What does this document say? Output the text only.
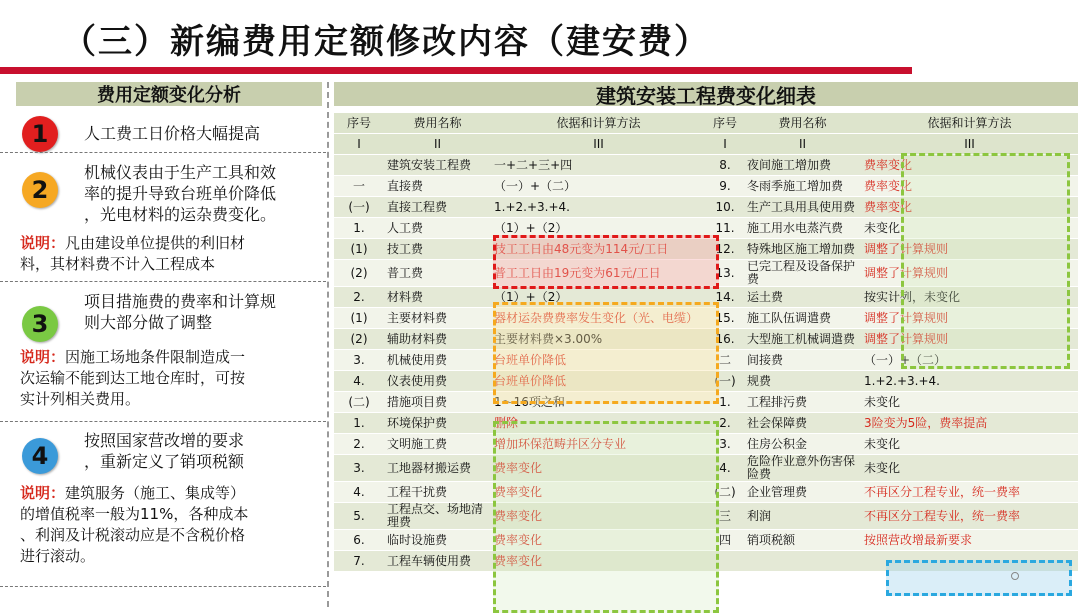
（三）新编费用定额修改内容（建安费）
费用定额变化分析	建筑安装工程费变化细表
1	人工费工日价格大幅提高
2
机械仪表由于生产工具和效
率的提升导致台班单价降低
，光电材料的运杂费变化。
说明：凡由建设单位提供的利旧材
料，其材料费不计入工程成本
3
项目措施费的费率和计算规
则大部分做了调整
说明：因施工场地条件限制造成一
次运输不能到达工地仓库时，可按
实计列相关费用。
4
按照国家营改增的要求
，重新定义了销项税额
说明：建筑服务（施工、集成等）
的增值税率一般为11%，各种成本
、利润及计税滚动应是不含税价格
进行滚动。
序号	费用名称	依据和计算方法	序号	费用名称	依据和计算方法
I	II	III	I	II	III
	建筑安装工程费	一+二+三+四	8.	夜间施工增加费	费率变化
一	直接费	（一）+（二）	9.	冬雨季施工增加费	费率变化
(一)	直接工程费	1.+2.+3.+4.	10.	生产工具用具使用费	费率变化
1.	人工费	（1）+（2）	11.	施工用水电蒸汽费	未变化
(1)	技工费	技工工日由48元变为114元/工日	12.	特殊地区施工增加费	调整了计算规则
(2)	普工费	普工工日由19元变为61元/工日	13.	已完工程及设备保护费	调整了计算规则
2.	材料费	（1）+（2）	14.	运土费	按实计列，未变化
(1)	主要材料费	器材运杂费费率发生变化（光、电缆）	15.	施工队伍调遣费	调整了计算规则
(2)	辅助材料费	主要材料费×3.00%	16.	大型施工机械调遣费	调整了计算规则
3.	机械使用费	台班单价降低	二	间接费	（一）+（二）
4.	仪表使用费	台班单价降低	(一)	规费	1.+2.+3.+4.
(二)	措施项目费	1～16项之和	1.	工程排污费	未变化
1.	环境保护费	删除	2.	社会保障费	3险变为5险，费率提高
2.	文明施工费	增加环保范畴并区分专业	3.	住房公积金	未变化
3.	工地器材搬运费	费率变化	4.	危险作业意外伤害保险费	未变化
4.	工程干扰费	费率变化	(二)	企业管理费	不再区分工程专业，统一费率
5.	工程点交、场地清理费	费率变化	三	利润	不再区分工程专业，统一费率
6.	临时设施费	费率变化	四	销项税额	按照营改增最新要求
7.	工程车辆使用费	费率变化			
